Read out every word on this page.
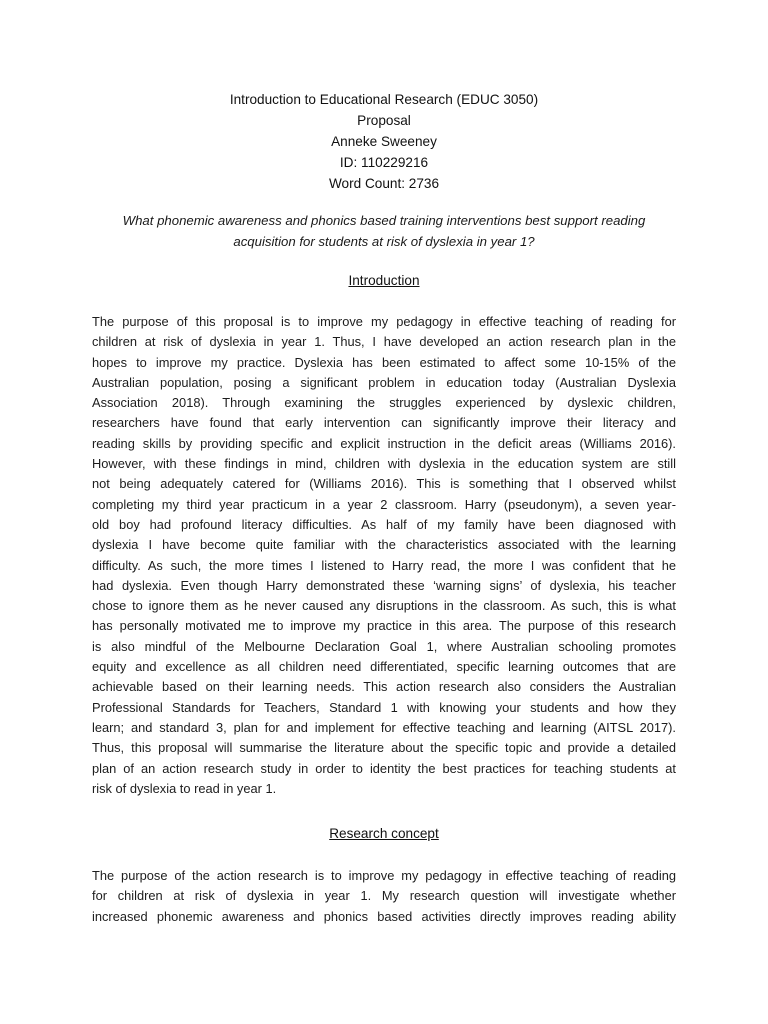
Introduction to Educational Research (EDUC 3050)
Proposal
Anneke Sweeney
ID: 110229216
Word Count: 2736
What phonemic awareness and phonics based training interventions best support reading
acquisition for students at risk of dyslexia in year 1?
Introduction
The purpose of this proposal is to improve my pedagogy in effective teaching of reading for
children at risk of dyslexia in year 1. Thus, I have developed an action research plan in the
hopes to improve my practice. Dyslexia has been estimated to affect some 10-15% of the
Australian population, posing a significant problem in education today (Australian Dyslexia
Association 2018). Through examining the struggles experienced by dyslexic children,
researchers have found that early intervention can significantly improve their literacy and
reading skills by providing specific and explicit instruction in the deficit areas (Williams 2016).
However, with these findings in mind, children with dyslexia in the education system are still
not being adequately catered for (Williams 2016). This is something that I observed whilst
completing my third year practicum in a year 2 classroom. Harry (pseudonym), a seven year-
old boy had profound literacy difficulties. As half of my family have been diagnosed with
dyslexia I have become quite familiar with the characteristics associated with the learning
difficulty. As such, the more times I listened to Harry read, the more I was confident that he
had dyslexia. Even though Harry demonstrated these ‘warning signs’ of dyslexia, his teacher
chose to ignore them as he never caused any disruptions in the classroom. As such, this is what
has personally motivated me to improve my practice in this area. The purpose of this research
is also mindful of the Melbourne Declaration Goal 1, where Australian schooling promotes
equity and excellence as all children need differentiated, specific learning outcomes that are
achievable based on their learning needs. This action research also considers the Australian
Professional Standards for Teachers, Standard 1 with knowing your students and how they
learn; and standard 3, plan for and implement for effective teaching and learning (AITSL 2017).
Thus, this proposal will summarise the literature about the specific topic and provide a detailed
plan of an action research study in order to identity the best practices for teaching students at
risk of dyslexia to read in year 1.
Research concept
The purpose of the action research is to improve my pedagogy in effective teaching of reading
for children at risk of dyslexia in year 1. My research question will investigate whether
increased phonemic awareness and phonics based activities directly improves reading ability
